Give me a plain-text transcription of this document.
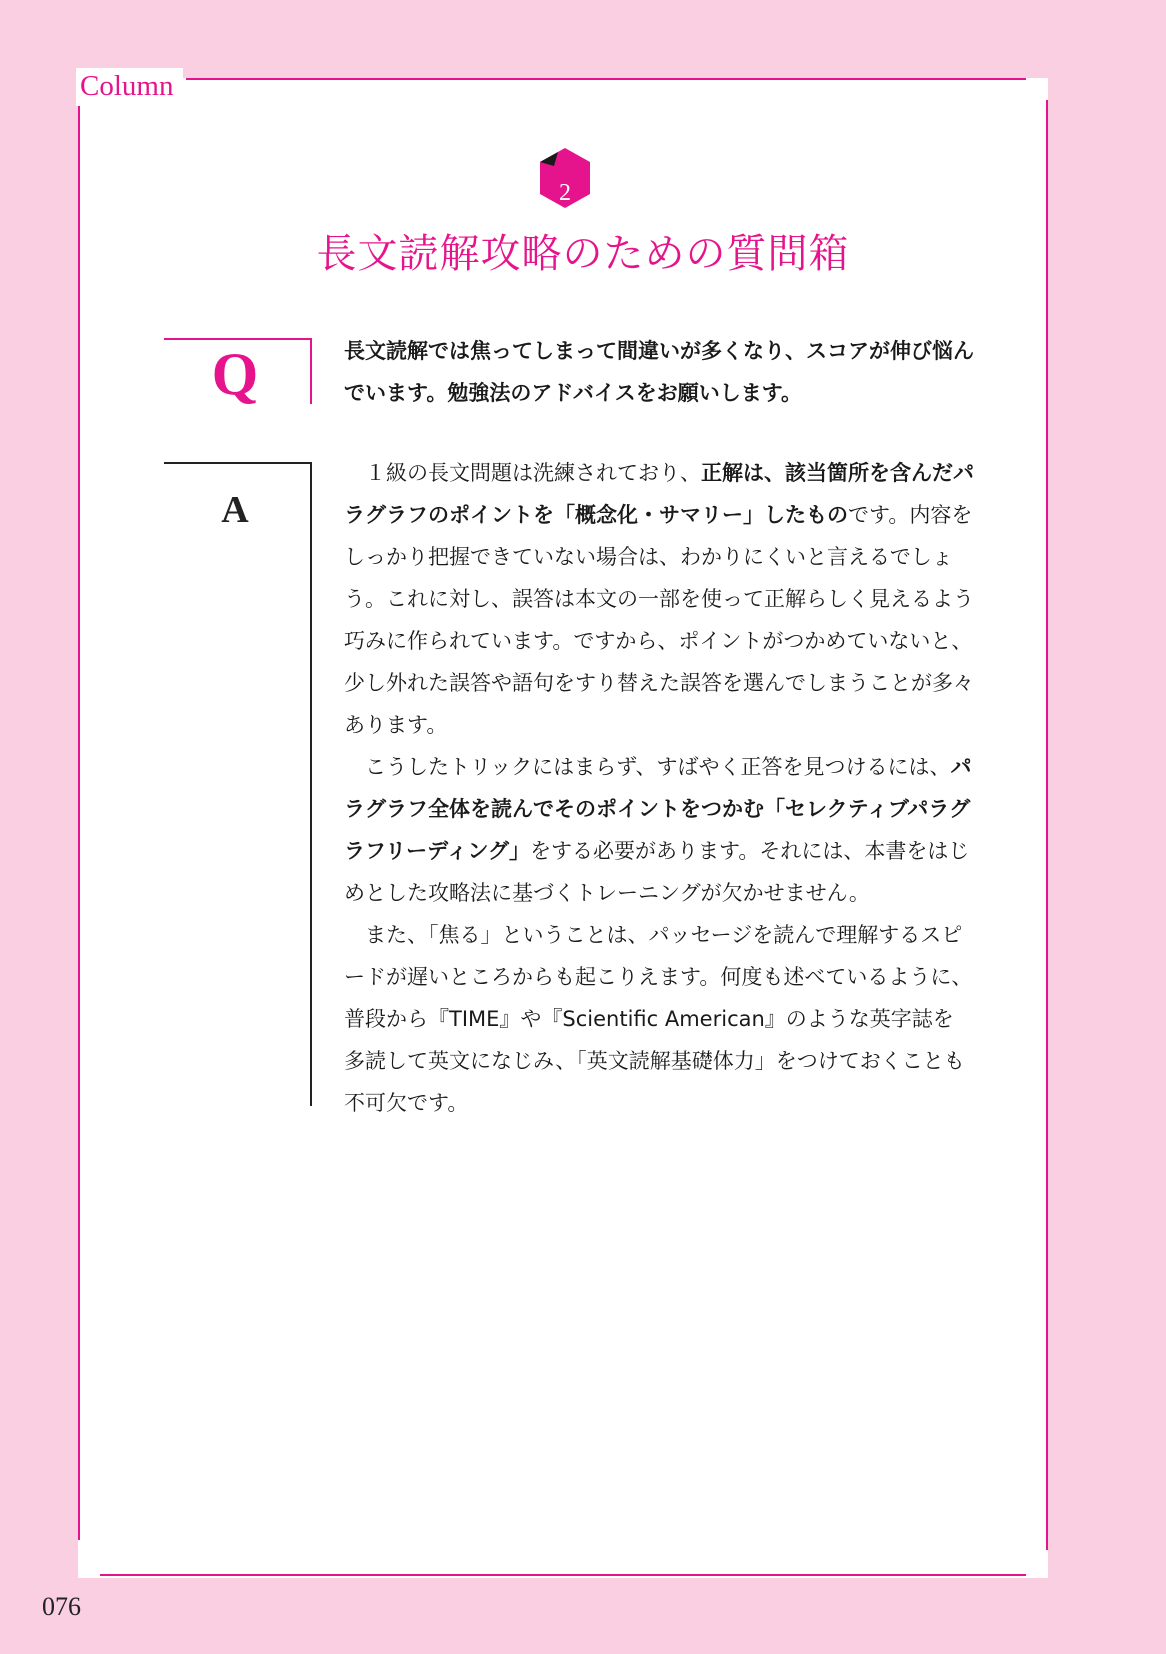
Column
2
長文読解攻略のための質問箱
Q	長文読解では焦ってしまって間違いが多くなり、スコアが伸び悩んでいます。勉強法のアドバイスをお願いします。
A

１級の長文問題は洗練されており、正解は、該当箇所を含んだパラグラフのポイントを「概念化・サマリー」したものです。内容をしっかり把握できていない場合は、わかりにくいと言えるでしょう。これに対し、誤答は本文の一部を使って正解らしく見えるよう巧みに作られています。ですから、ポイントがつかめていないと、少し外れた誤答や語句をすり替えた誤答を選んでしまうことが多々あります。

こうしたトリックにはまらず、すばやく正答を見つけるには、パラグラフ全体を読んでそのポイントをつかむ「セレクティブパラグラフリーディング」をする必要があります。それには、本書をはじめとした攻略法に基づくトレーニングが欠かせません。

また、「焦る」ということは、パッセージを読んで理解するスピードが遅いところからも起こりえます。何度も述べているように、普段から『TIME』や『Scientific American』のような英字誌を多読して英文になじみ、「英文読解基礎体力」をつけておくことも不可欠です。

076
